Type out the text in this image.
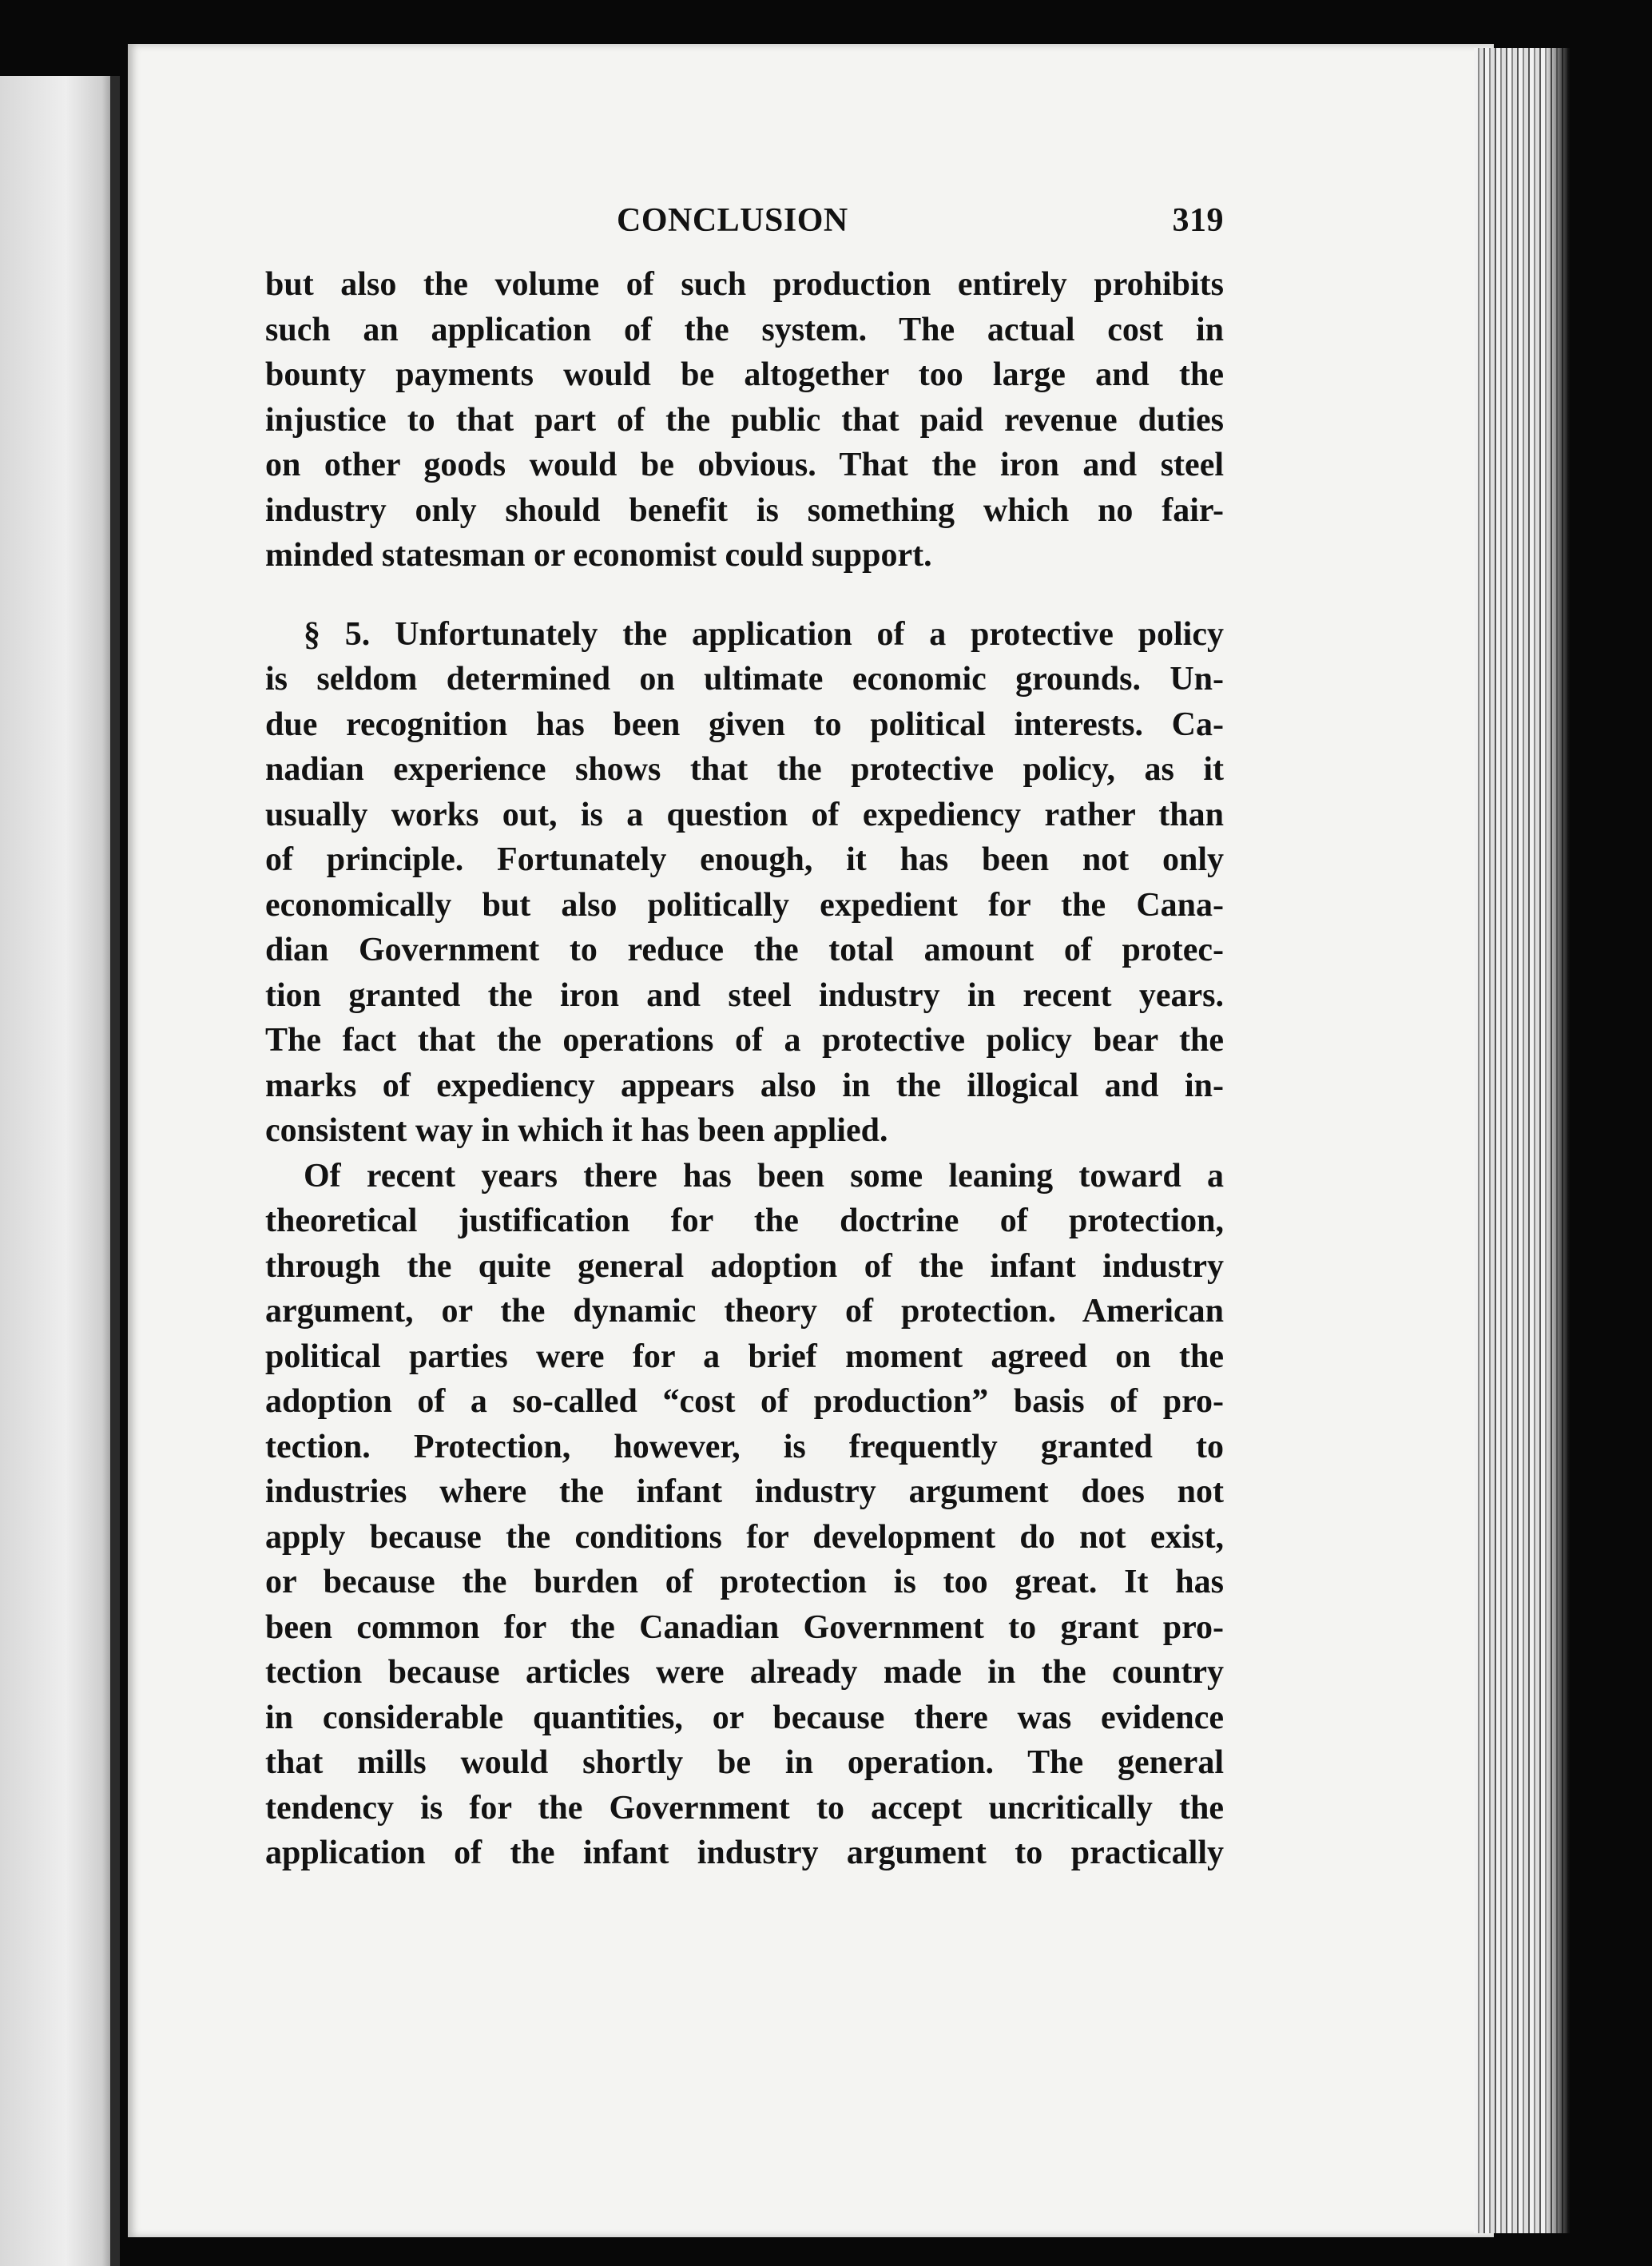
CONCLUSION	319
but also the volume of such production entirely prohibits
such an application of the system. The actual cost in
bounty payments would be altogether too large and the
injustice to that part of the public that paid revenue duties
on other goods would be obvious. That the iron and steel
industry only should benefit is something which no fair-
minded statesman or economist could support.
§ 5. Unfortunately the application of a protective policy
is seldom determined on ultimate economic grounds. Un-
due recognition has been given to political interests. Ca-
nadian experience shows that the protective policy, as it
usually works out, is a question of expediency rather than
of principle. Fortunately enough, it has been not only
economically but also politically expedient for the Cana-
dian Government to reduce the total amount of protec-
tion granted the iron and steel industry in recent years.
The fact that the operations of a protective policy bear the
marks of expediency appears also in the illogical and in-
consistent way in which it has been applied.
Of recent years there has been some leaning toward a
theoretical justification for the doctrine of protection,
through the quite general adoption of the infant industry
argument, or the dynamic theory of protection. American
political parties were for a brief moment agreed on the
adoption of a so-called “cost of production” basis of pro-
tection. Protection, however, is frequently granted to
industries where the infant industry argument does not
apply because the conditions for development do not exist,
or because the burden of protection is too great. It has
been common for the Canadian Government to grant pro-
tection because articles were already made in the country
in considerable quantities, or because there was evidence
that mills would shortly be in operation. The general
tendency is for the Government to accept uncritically the
application of the infant industry argument to practically
